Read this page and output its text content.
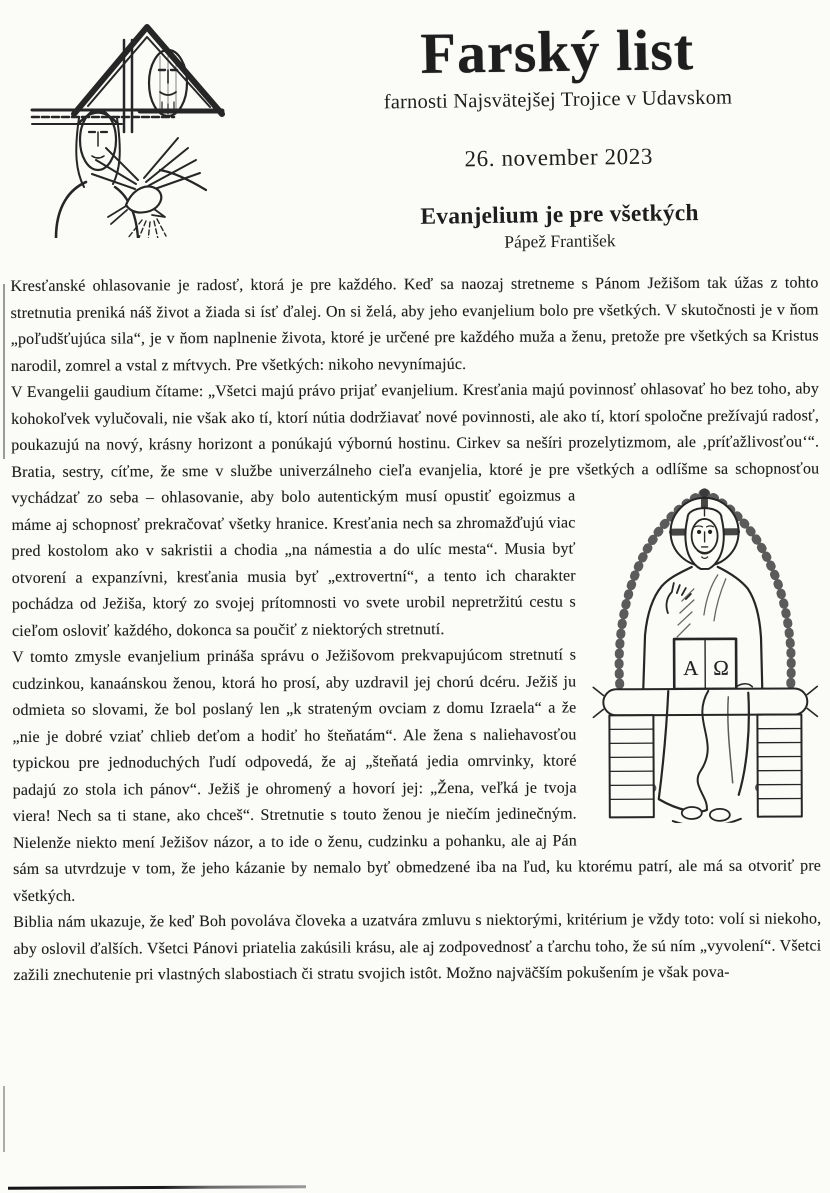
Farský list
farnosti Najsvätejšej Trojice v Udavskom
26. november 2023
Evanjelium je pre všetkých
Pápež František

Kresťanské ohlasovanie je radosť, ktorá je pre každého. Keď sa naozaj stretneme s Pánom Ježišom tak úžas z tohto stretnutia preniká náš život a žiada si ísť ďalej. On si želá, aby jeho evanjelium bolo pre všetkých. V skutočnosti je v ňom „poľudšťujúca sila“, je v ňom naplnenie života, ktoré je určené pre každého muža a ženu, pretože pre všetkých sa Kristus narodil, zomrel a vstal z mŕtvych. Pre všetkých: nikoho nevynímajúc.

V Evangelii gaudium čítame: „Všetci majú právo prijať evanjelium. Kresťania majú povinnosť ohlasovať ho bez toho, aby kohokoľvek vylučovali, nie však ako tí, ktorí nútia dodržiavať nové povinnosti, ale ako tí, ktorí spoločne prežívajú radosť, poukazujú na nový, krásny horizont a ponúkajú výbornú hostinu. Cirkev sa nešíri prozelytizmom, ale ‚príťažlivosťou‘“. Bratia, sestry, cíťme, že sme v službe univerzálneho cieľa evanjelia,
Α Ω
ktoré je pre všetkých a odlíšme sa schopnosťou vychádzať zo seba – ohlasovanie, aby bolo autentickým musí opustiť egoizmus a máme aj schopnosť prekračovať všetky hranice. Kresťania nech sa zhromažďujú viac pred kostolom ako v sakristii a chodia „na námestia a do ulíc mesta“. Musia byť otvorení a expanzívni, kresťania musia byť „extrovertní“, a tento ich charakter pochádza od Ježiša, ktorý zo svojej prítomnosti vo svete urobil nepretržitú cestu s cieľom osloviť každého, dokonca sa poučiť z niektorých stretnutí.

V tomto zmysle evanjelium prináša správu o Ježišovom prekvapujúcom stretnutí s cudzinkou, kanaánskou ženou, ktorá ho prosí, aby uzdravil jej chorú dcéru. Ježiš ju odmieta so slovami, že bol poslaný len „k strateným ovciam z domu Izraela“ a že „nie je dobré vziať chlieb deťom a hodiť ho šteňatám“. Ale žena s naliehavosťou typickou pre jednoduchých ľudí odpovedá, že aj „šteňatá jedia omrvinky, ktoré padajú zo stola ich pánov“. Ježiš je ohromený a hovorí jej: „Žena, veľká je tvoja viera! Nech sa ti stane, ako chceš“. Stretnutie s touto ženou je niečím jedinečným. Nielenže niekto mení Ježišov názor, a to ide o ženu, cudzinku a pohanku, ale aj Pán sám sa utvrdzuje v tom, že jeho kázanie by nemalo byť obmedzené iba na ľud, ku ktorému patrí, ale má sa otvoriť pre všetkých.

Biblia nám ukazuje, že keď Boh povoláva človeka a uzatvára zmluvu s niektorými, kritérium je vždy toto: volí si niekoho, aby oslovil ďalších. Všetci Pánovi priatelia zakúsili krásu, ale aj zodpovednosť a ťarchu toho, že sú ním „vyvolení“. Všetci zažili znechutenie pri vlastných slabostiach či stratu svojich istôt. Možno najväčším pokušením je však pova-
